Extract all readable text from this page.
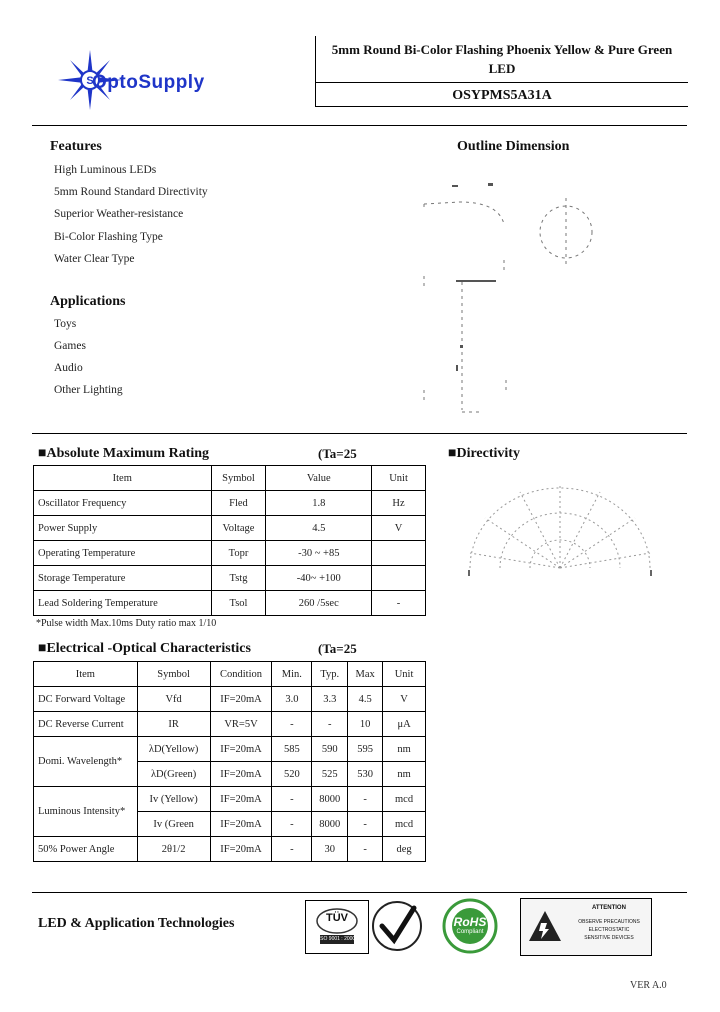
S
OptoSupply
5mm Round Bi-Color Flashing Phoenix Yellow & Pure Green
LED
OSYPMS5A31A
Features
High Luminous LEDs
5mm Round Standard Directivity
Superior Weather-resistance
Bi-Color Flashing Type
Water Clear Type
Outline Dimension
Applications
Toys
Games
Audio
Other Lighting
■Absolute Maximum Rating	(Ta=25
Item	Symbol	Value	Unit
Oscillator Frequency	Fled	1.8	Hz
Power Supply	Voltage	4.5	V
Operating Temperature	Topr	-30 ~ +85	
Storage Temperature	Tstg	-40~ +100	
Lead Soldering Temperature	Tsol	260 /5sec	-
*Pulse width Max.10ms Duty ratio max 1/10
■Directivity
■Electrical -Optical Characteristics	(Ta=25
Item	Symbol	Condition	Min.	Typ.	Max	Unit
DC Forward Voltage	Vfd	IF=20mA	3.0	3.3	4.5	V
DC Reverse Current	IR	VR=5V	-	-	10	μA
Domi. Wavelength*	λD(Yellow)	IF=20mA	585	590	595	nm
	λD(Green)	IF=20mA	520	525	530	nm
Luminous Intensity*	Iv (Yellow)	IF=20mA	-	8000	-	mcd
	Iv (Green	IF=20mA	-	8000	-	mcd
50% Power Angle	2θ1/2	IF=20mA	-	30	-	deg
LED & Application Technologies	TÜV
ISO 9001 : 2000
RoHS
Compliant
ATTENTION
OBSERVE PRECAUTIONS
ELECTROSTATIC
SENSITIVE DEVICES
VER A.0
